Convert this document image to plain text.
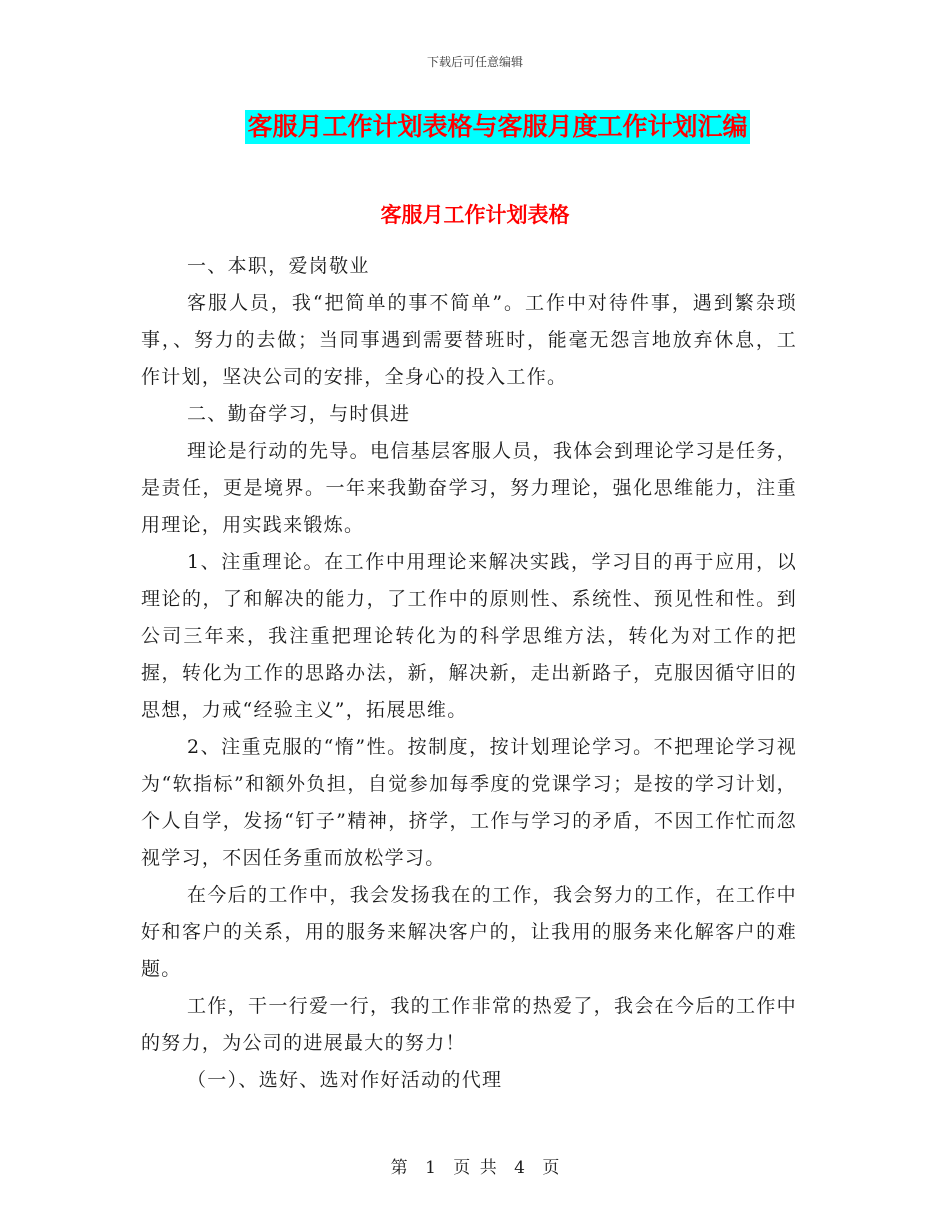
下载后可任意编辑
客服月工作计划表格与客服月度工作计划汇编
客服月工作计划表格

一、本职，爱岗敬业

客服人员，我“把简单的事不简单”。工作中对待件事，遇到繁杂琐事，、努力的去做；当同事遇到需要替班时，能毫无怨言地放弃休息，工作计划，坚决公司的安排，全身心的投入工作。

二、勤奋学习，与时俱进

理论是行动的先导。电信基层客服人员，我体会到理论学习是任务，是责任，更是境界。一年来我勤奋学习，努力理论，强化思维能力，注重用理论，用实践来锻炼。

1、注重理论。在工作中用理论来解决实践，学习目的再于应用，以理论的，了和解决的能力，了工作中的原则性、系统性、预见性和性。到公司三年来，我注重把理论转化为的科学思维方法，转化为对工作的把握，转化为工作的思路办法，新，解决新，走出新路子，克服因循守旧的思想，力戒“经验主义”，拓展思维。

2、注重克服的“惰”性。按制度，按计划理论学习。不把理论学习视为“软指标”和额外负担，自觉参加每季度的党课学习；是按的学习计划，个人自学，发扬“钉子”精神，挤学，工作与学习的矛盾，不因工作忙而忽视学习，不因任务重而放松学习。

在今后的工作中，我会发扬我在的工作，我会努力的工作，在工作中好和客户的关系，用的服务来解决客户的，让我用的服务来化解客户的难题。

工作，干一行爱一行，我的工作非常的热爱了，我会在今后的工作中的努力，为公司的进展最大的努力！

（一）、选好、选对作好活动的代理

第 1 页 共 4 页
